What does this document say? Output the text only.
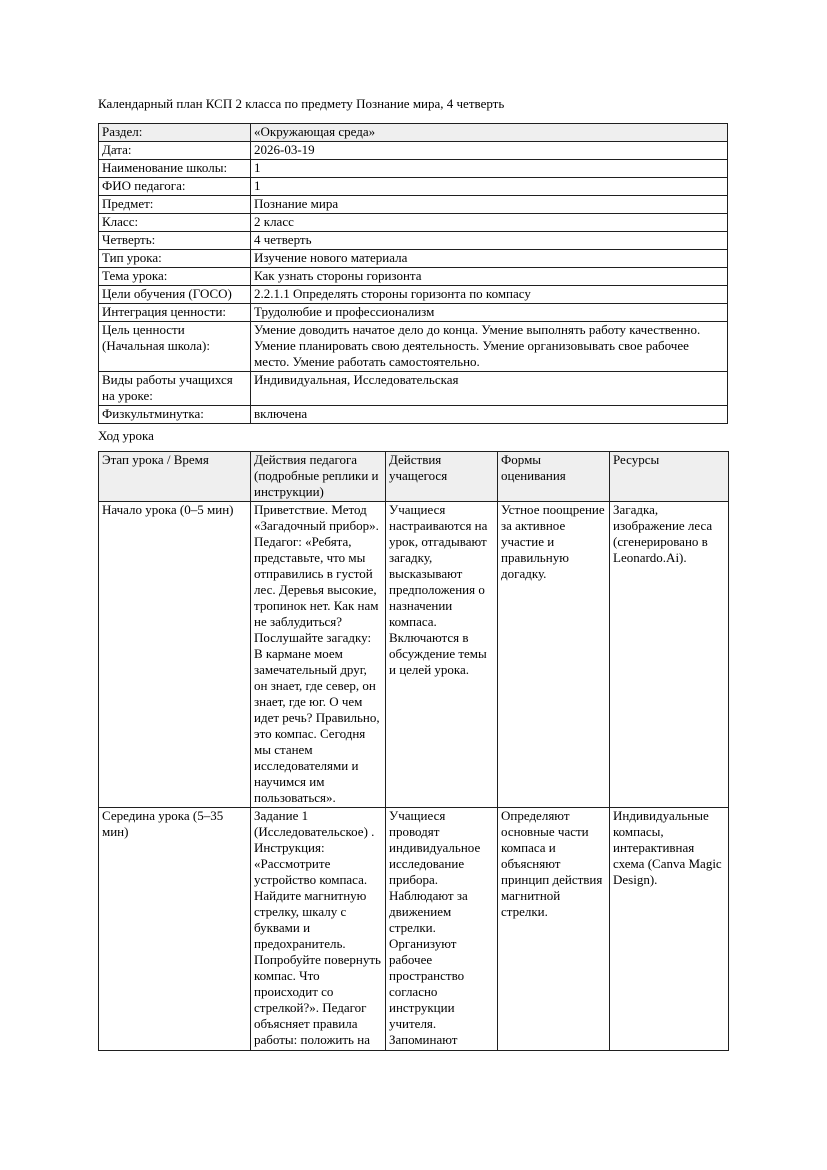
Календарный план КСП 2 класса по предмету Познание мира, 4 четверть

Раздел:	«Окружающая среда»
Дата:	2026-03-19
Наименование школы:	1
ФИО педагога:	1
Предмет:	Познание мира
Класс:	2 класс
Четверть:	4 четверть
Тип урока:	Изучение нового материала
Тема урока:	Как узнать стороны горизонта
Цели обучения (ГОСО)	2.2.1.1 Определять стороны горизонта по компасу
Интеграция ценности:	Трудолюбие и профессионализм
Цель ценности (Начальная школа):	Умение доводить начатое дело до конца. Умение выполнять работу качественно. Умение планировать свою деятельность. Умение организовывать свое рабочее место. Умение работать самостоятельно.
Виды работы учащихся на уроке:	Индивидуальная, Исследовательская
Физкультминутка:	включена

Ход урока

Этап урока / Время	Действия педагога (подробные реплики и инструкции)	Действия учащегося	Формы оценивания	Ресурсы
Начало урока (0–5 мин)	Приветствие. Метод «Загадочный прибор». Педагог: «Ребята, представьте, что мы отправились в густой лес. Деревья высокие, тропинок нет. Как нам не заблудиться? Послушайте загадку: В кармане моем замечательный друг, он знает, где север, он знает, где юг. О чем идет речь? Правильно, это компас. Сегодня мы станем исследователями и научимся им пользоваться».	Учащиеся настраиваются на урок, отгадывают загадку, высказывают предположения о назначении компаса. Включаются в обсуждение темы и целей урока.	Устное поощрение за активное участие и правильную догадку.	Загадка, изображение леса (сгенерировано в Leonardo.Ai).

Середина урока (5–35 мин)	Задание 1 (Исследовательское) . Инструкция: «Рассмотрите устройство компаса. Найдите магнитную стрелку, шкалу с буквами и предохранитель. Попробуйте повернуть компас. Что происходит со стрелкой?». Педагог объясняет правила работы: положить на	Учащиеся проводят индивидуальное исследование прибора. Наблюдают за движением стрелки. Организуют рабочее пространство согласно инструкции учителя. Запоминают	Определяют основные части компаса и объясняют принцип действия магнитной стрелки.	Индивидуальные компасы, интерактивная схема (Canva Magic Design).
